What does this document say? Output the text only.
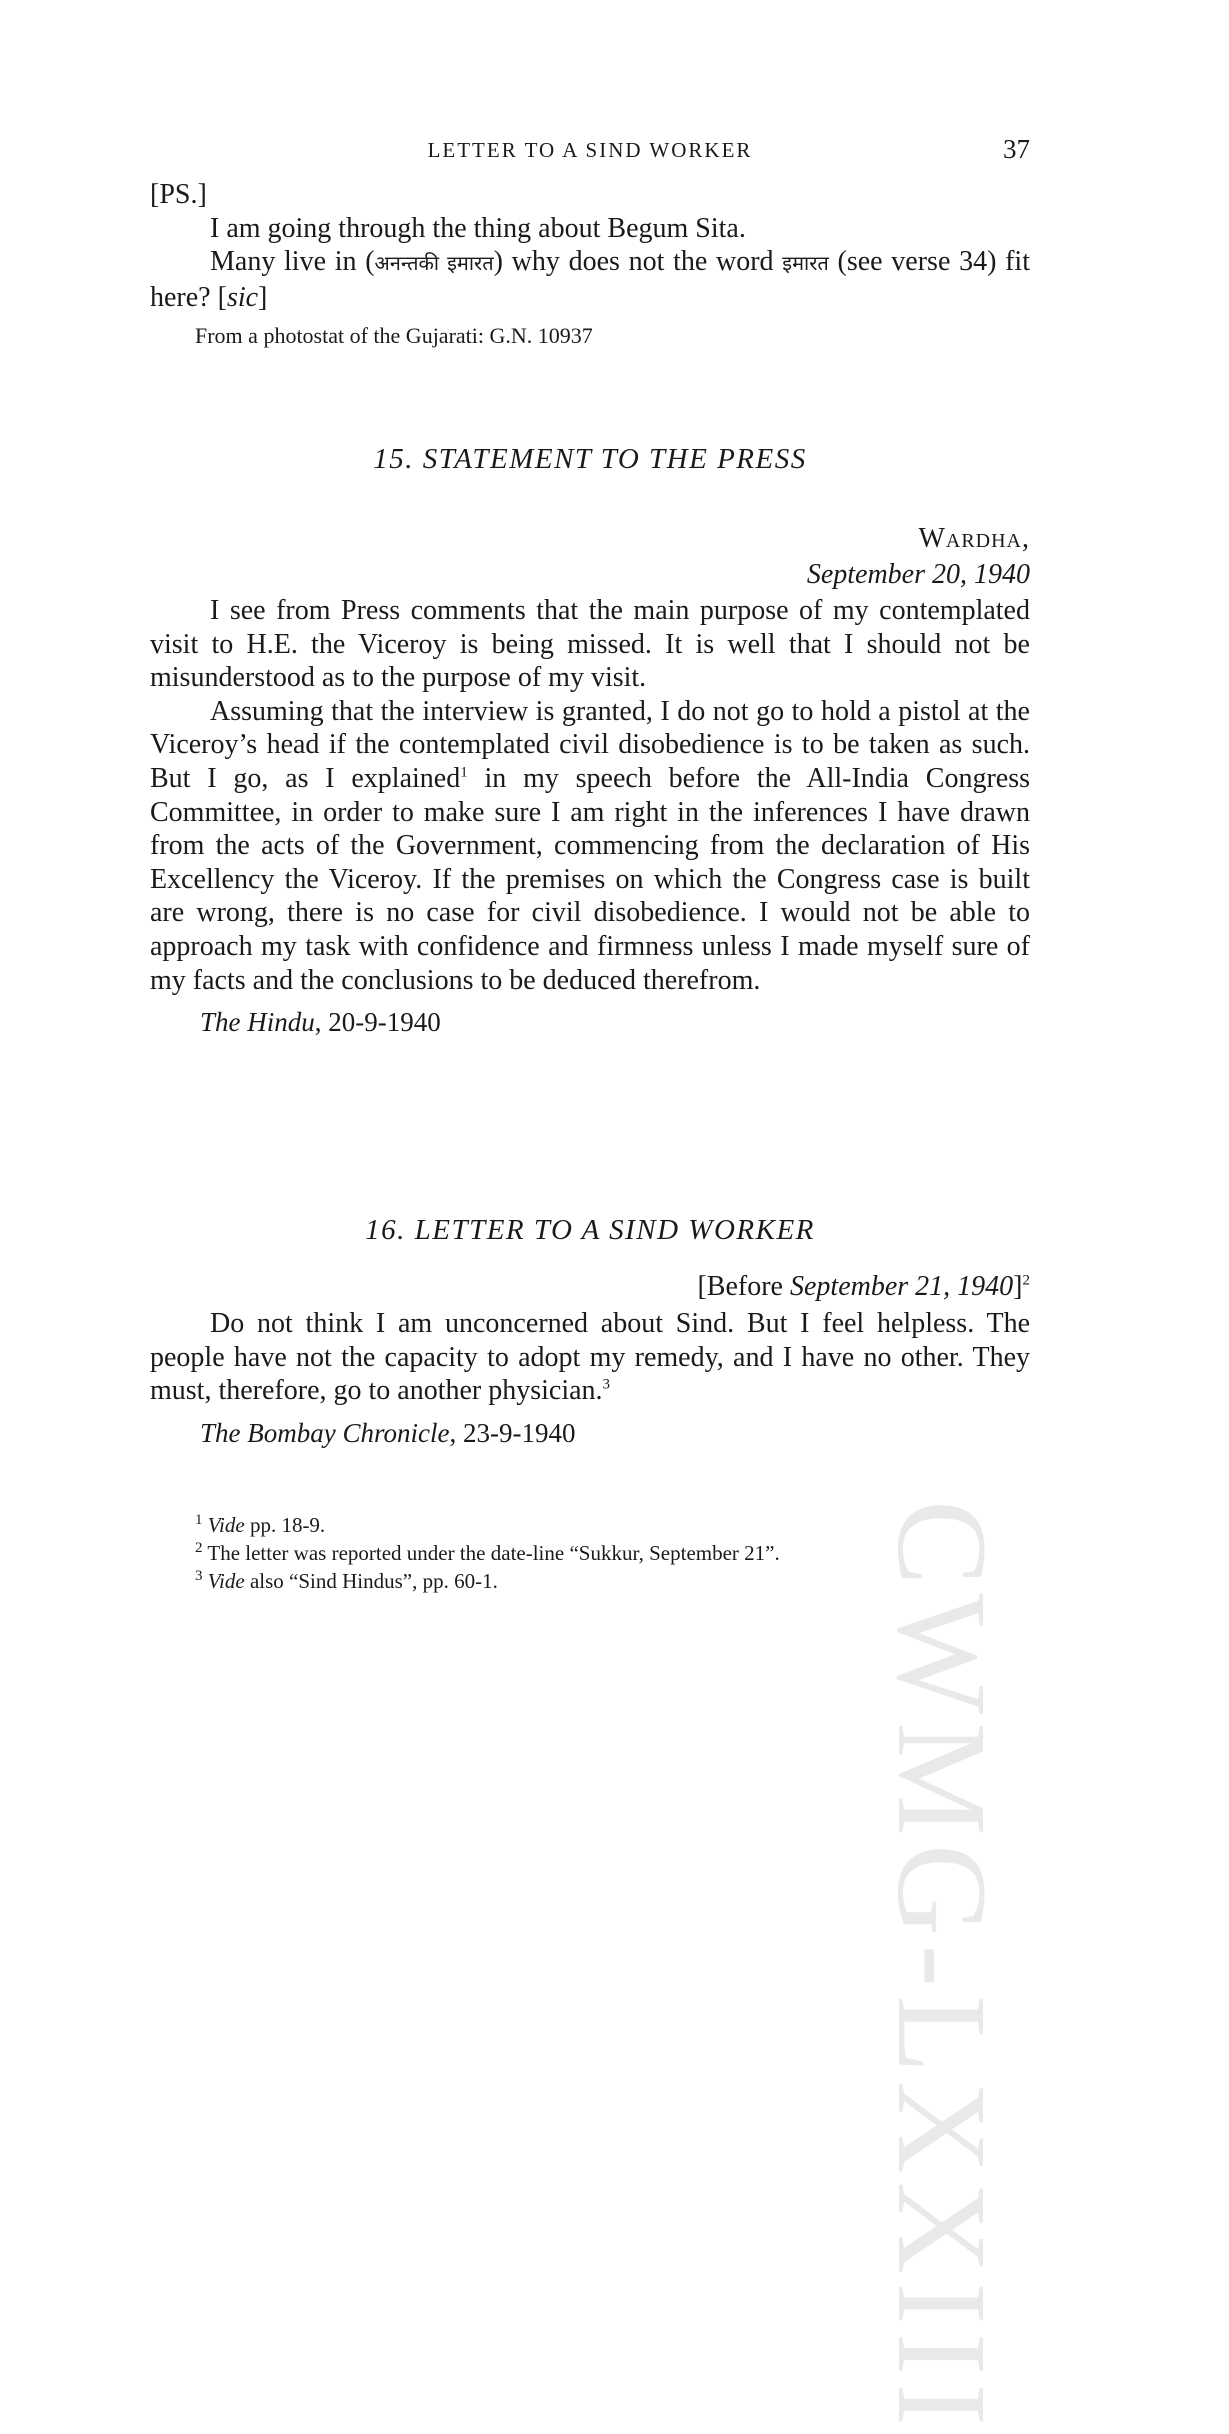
CWMG-LXXIII
LETTER TO A SIND WORKER	37

[PS.]

I am going through the thing about Begum Sita.

Many live in (अनन्तकी इमारत) why does not the word इमारत (see verse 34) fit here? [sic]

From a photostat of the Gujarati: G.N. 10937

15. STATEMENT TO THE PRESS

Wardha,

September 20, 1940

I see from Press comments that the main purpose of my contemplated visit to H.E. the Viceroy is being missed. It is well that I should not be misunderstood as to the purpose of my visit.

Assuming that the interview is granted, I do not go to hold a pistol at the Viceroy’s head if the contemplated civil disobedience is to be taken as such. But I go, as I explained$^1$ in my speech before the All-India Congress Committee, in order to make sure I am right in the inferences I have drawn from the acts of the Government, commencing from the declaration of His Excellency the Viceroy. If the premises on which the Congress case is built are wrong, there is no case for civil disobedience. I would not be able to approach my task with confidence and firmness unless I made myself sure of my facts and the conclusions to be deduced therefrom.

The Hindu, 20-9-1940

16. LETTER TO A SIND WORKER

[Before September 21, 1940]$^2$

Do not think I am unconcerned about Sind. But I feel helpless. The people have not the capacity to adopt my remedy, and I have no other. They must, therefore, go to another physician.$^3$

The Bombay Chronicle, 23-9-1940

$^1$ Vide pp. 18-9.

$^2$ The letter was reported under the date-line “Sukkur, September 21”.

$^3$ Vide also “Sind Hindus”, pp. 60-1.
